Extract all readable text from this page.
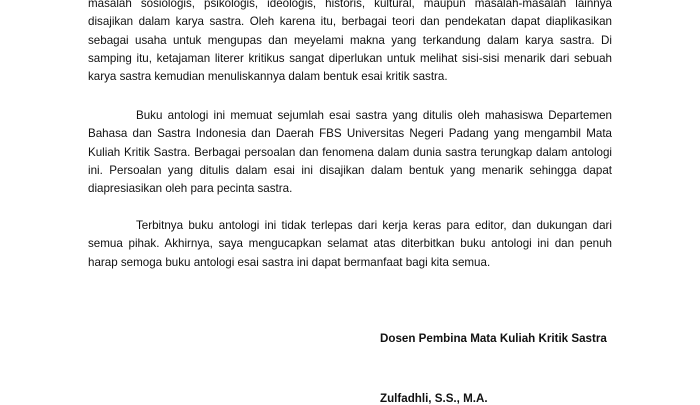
masalah sosiologis, psikologis, ideologis, historis, kultural, maupun masalah-masalah lainnya
disajikan dalam karya sastra. Oleh karena itu, berbagai teori dan pendekatan dapat diaplikasikan
sebagai usaha untuk mengupas dan meyelami makna yang terkandung dalam karya sastra. Di
samping itu, ketajaman literer kritikus sangat diperlukan untuk melihat sisi-sisi menarik dari sebuah
karya sastra kemudian menuliskannya dalam bentuk esai kritik sastra.
Buku antologi ini memuat sejumlah esai sastra yang ditulis oleh mahasiswa Departemen
Bahasa dan Sastra Indonesia dan Daerah FBS Universitas Negeri Padang yang mengambil Mata
Kuliah Kritik Sastra. Berbagai persoalan dan fenomena dalam dunia sastra terungkap dalam antologi
ini. Persoalan yang ditulis dalam esai ini disajikan dalam bentuk yang menarik sehingga dapat
diapresiasikan oleh para pecinta sastra.
Terbitnya buku antologi ini tidak terlepas dari kerja keras para editor, dan dukungan dari
semua pihak. Akhirnya, saya mengucapkan selamat atas diterbitkan buku antologi ini dan penuh
harap semoga buku antologi esai sastra ini dapat bermanfaat bagi kita semua.
Dosen Pembina Mata Kuliah Kritik Sastra
Zulfadhli, S.S., M.A.
